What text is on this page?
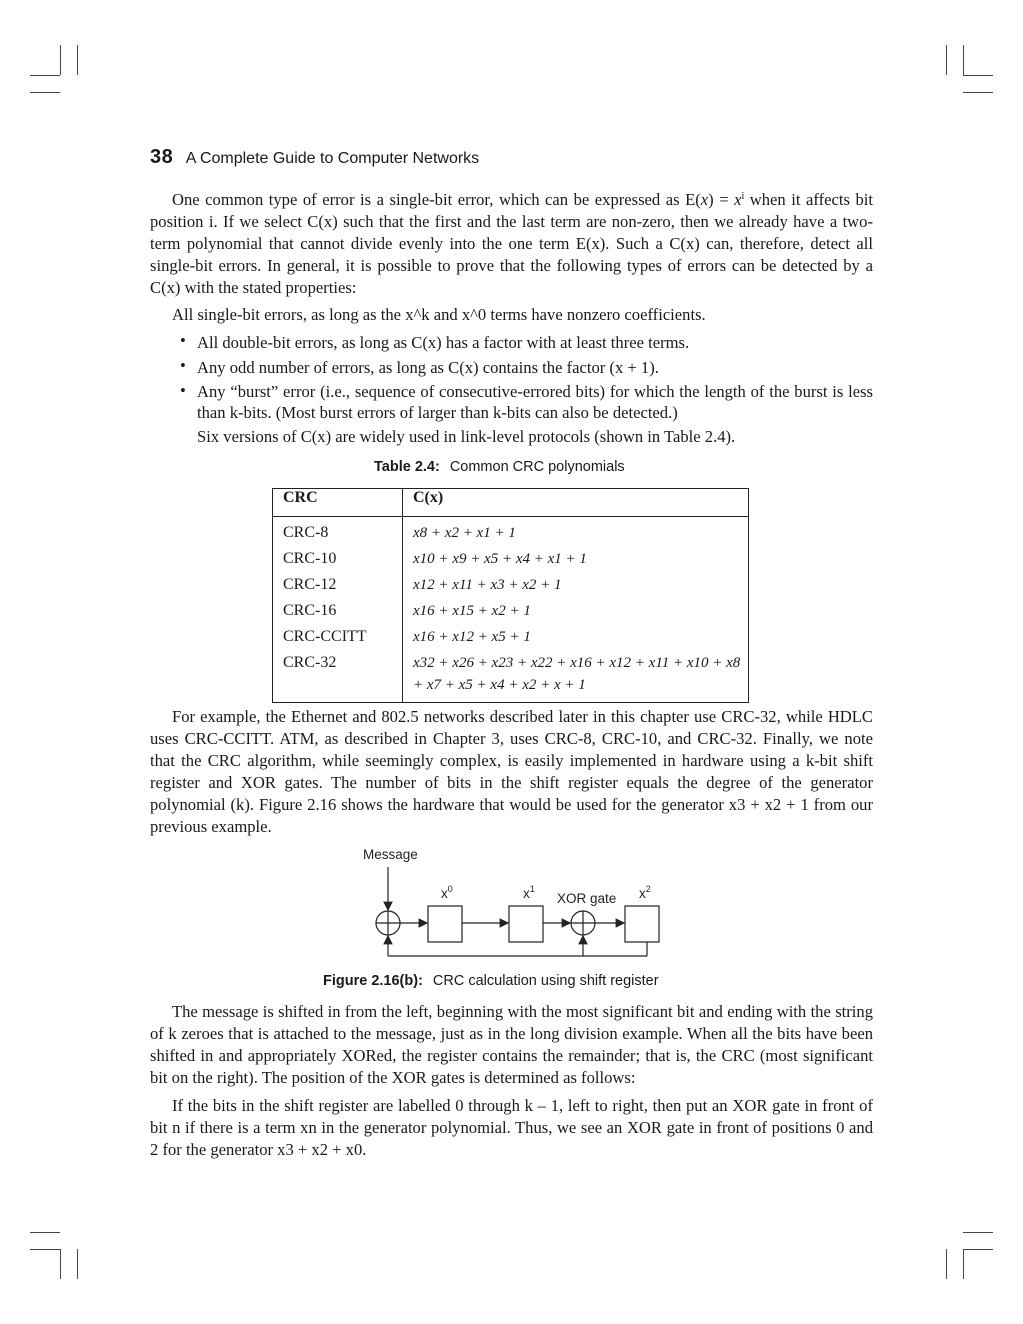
38 A Complete Guide to Computer Networks
One common type of error is a single-bit error, which can be expressed as $E(x) = x^i$ when it affects bit position i. If we select C(x) such that the first and the last term are non-zero, then we already have a two-term polynomial that cannot divide evenly into the one term E(x). Such a C(x) can, therefore, detect all single-bit errors. In general, it is possible to prove that the following types of errors can be detected by a C(x) with the stated properties:
All single-bit errors, as long as the x^k and x^0 terms have nonzero coefficients.
• All double-bit errors, as long as C(x) has a factor with at least three terms.
• Any odd number of errors, as long as C(x) contains the factor (x + 1).
• Any “burst” error (i.e., sequence of consecutive-errored bits) for which the length of the burst is less than k-bits. (Most burst errors of larger than k-bits can also be detected.)
Six versions of C(x) are widely used in link-level protocols (shown in Table 2.4).
Table 2.4: Common CRC polynomials
CRC	C(x)
CRC-8	x8 + x2 + x1 + 1
CRC-10	x10 + x9 + x5 + x4 + x1 + 1
CRC-12	x12 + x11 + x3 + x2 + 1
CRC-16	x16 + x15 + x2 + 1
CRC-CCITT	x16 + x12 + x5 + 1
CRC-32	x32 + x26 + x23 + x22 + x16 + x12 + x11 + x10 + x8 + x7 + x5 + x4 + x2 + x + 1
For example, the Ethernet and 802.5 networks described later in this chapter use CRC-32, while HDLC uses CRC-CCITT. ATM, as described in Chapter 3, uses CRC-8, CRC-10, and CRC-32. Finally, we note that the CRC algorithm, while seemingly complex, is easily implemented in hardware using a k-bit shift register and XOR gates. The number of bits in the shift register equals the degree of the generator polynomial (k). Figure 2.16 shows the hardware that would be used for the generator x3 + x2 + 1 from our previous example.
Message
$x^0$	$x^1$
XOR gate $x^2$
Figure 2.16(b): CRC calculation using shift register
The message is shifted in from the left, beginning with the most significant bit and ending with the string of k zeroes that is attached to the message, just as in the long division example. When all the bits have been shifted in and appropriately XORed, the register contains the remainder; that is, the CRC (most significant bit on the right). The position of the XOR gates is determined as follows:
If the bits in the shift register are labelled 0 through k – 1, left to right, then put an XOR gate in front of bit n if there is a term xn in the generator polynomial. Thus, we see an XOR gate in front of positions 0 and 2 for the generator x3 + x2 + x0.
